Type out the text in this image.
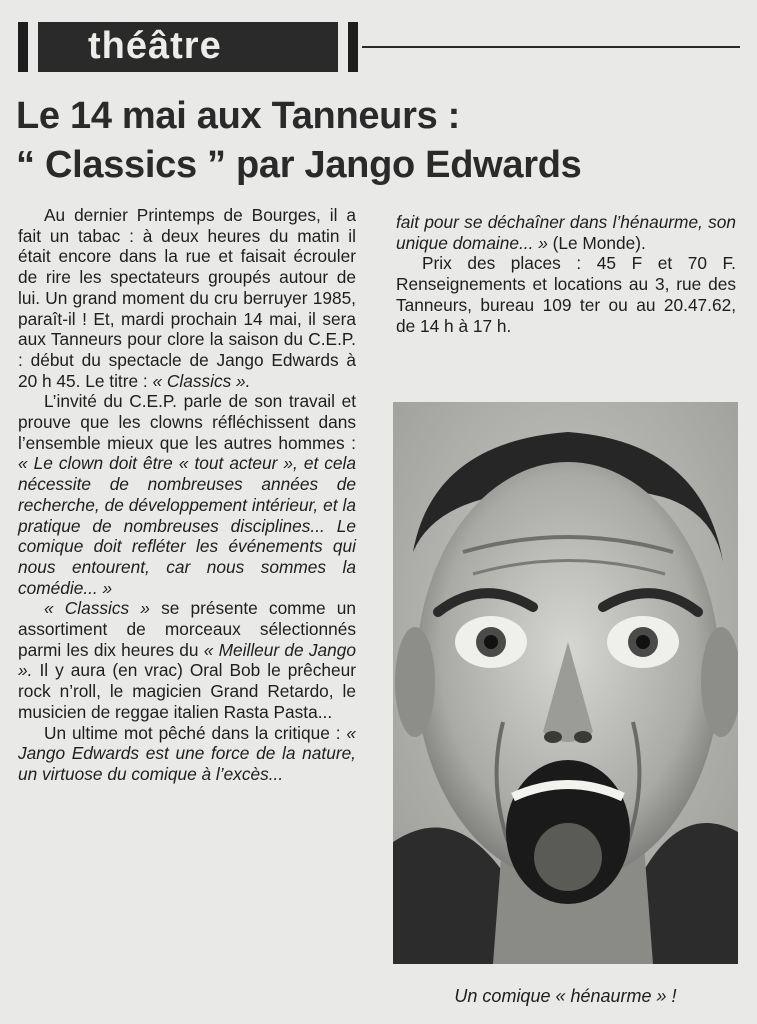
théâtre
Le 14 mai aux Tanneurs :
“ Classics ” par Jango Edwards

Au dernier Printemps de Bourges, il a fait un tabac : à deux heures du matin il était encore dans la rue et faisait écrouler de rire les spectateurs groupés autour de lui. Un grand moment du cru berruyer 1985, paraît-il ! Et, mardi prochain 14 mai, il sera aux Tanneurs pour clore la saison du C.E.P. : début du spectacle de Jango Edwards à 20 h 45. Le titre : « Classics ».

L’invité du C.E.P. parle de son travail et prouve que les clowns réfléchissent dans l’ensemble mieux que les autres hommes : « Le clown doit être « tout acteur », et cela nécessite de nombreuses années de recherche, de développement intérieur, et la pratique de nombreuses disciplines... Le comique doit refléter les événements qui nous entourent, car nous sommes la comédie... »

« Classics » se présente comme un assortiment de morceaux sélectionnés parmi les dix heures du « Meilleur de Jango ». Il y aura (en vrac) Oral Bob le prêcheur rock n’roll, le magicien Grand Retardo, le musicien de reggae italien Rasta Pasta...

Un ultime mot pêché dans la critique : « Jango Edwards est une force de la nature, un virtuose du comique à l’excès...

fait pour se déchaîner dans l’hénaurme, son unique domaine... » (Le Monde).

Prix des places : 45 F et 70 F. Renseignements et locations au 3, rue des Tanneurs, bureau 109 ter ou au 20.47.62, de 14 h à 17 h.

Un comique « hénaurme » !
